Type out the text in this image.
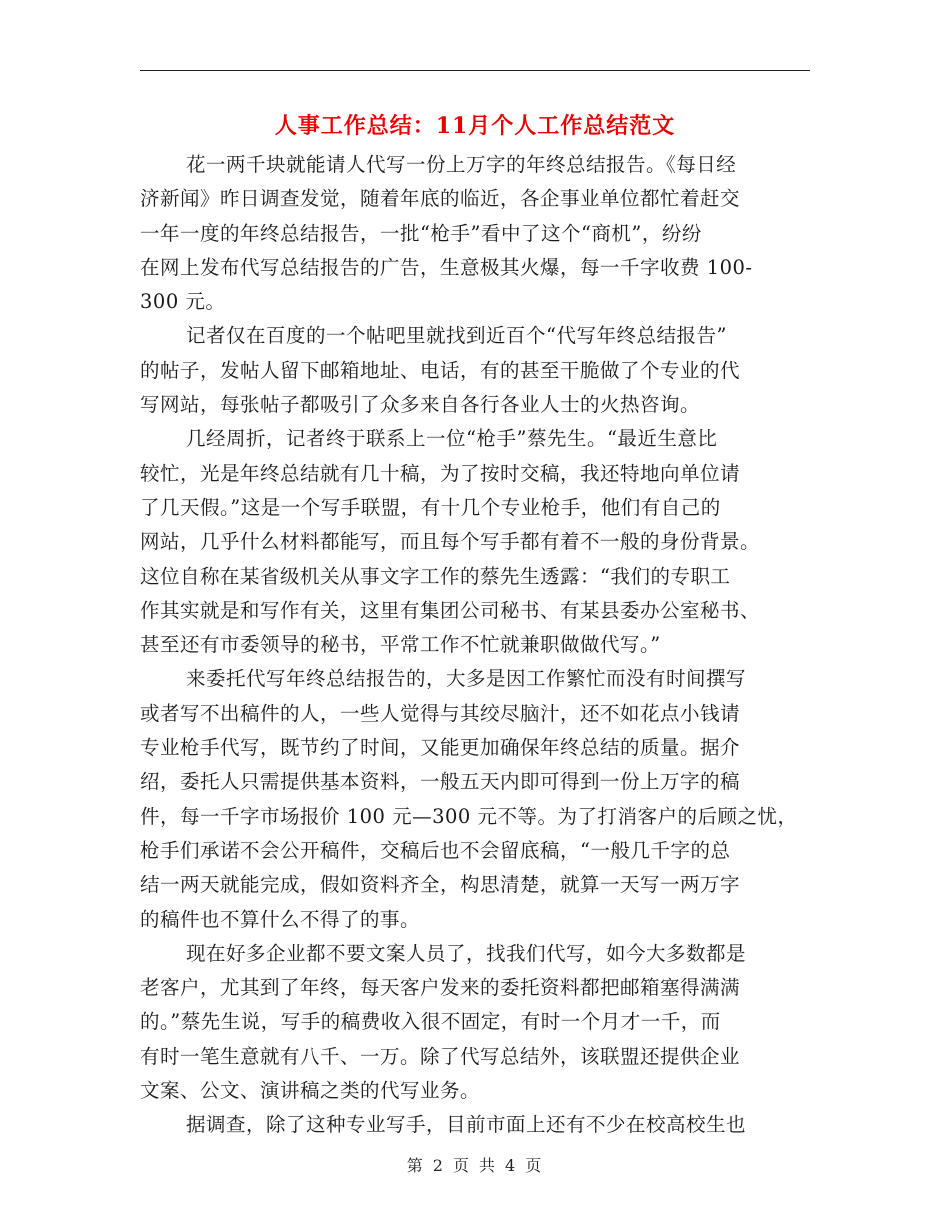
人事工作总结：11月个人工作总结范文
花一两千块就能请人代写一份上万字的年终总结报告。《每日经
济新闻》昨日调查发觉，随着年底的临近，各企事业单位都忙着赶交
一年一度的年终总结报告，一批“枪手”看中了这个“商机”，纷纷
在网上发布代写总结报告的广告，生意极其火爆，每一千字收费 100-
300 元。
记者仅在百度的一个帖吧里就找到近百个“代写年终总结报告”
的帖子，发帖人留下邮箱地址、电话，有的甚至干脆做了个专业的代
写网站，每张帖子都吸引了众多来自各行各业人士的火热咨询。
几经周折，记者终于联系上一位“枪手”蔡先生。“最近生意比
较忙，光是年终总结就有几十稿，为了按时交稿，我还特地向单位请
了几天假。”这是一个写手联盟，有十几个专业枪手，他们有自己的
网站，几乎什么材料都能写，而且每个写手都有着不一般的身份背景。
这位自称在某省级机关从事文字工作的蔡先生透露：“我们的专职工
作其实就是和写作有关，这里有集团公司秘书、有某县委办公室秘书、
甚至还有市委领导的秘书，平常工作不忙就兼职做做代写。”
来委托代写年终总结报告的，大多是因工作繁忙而没有时间撰写
或者写不出稿件的人，一些人觉得与其绞尽脑汁，还不如花点小钱请
专业枪手代写，既节约了时间，又能更加确保年终总结的质量。据介
绍，委托人只需提供基本资料，一般五天内即可得到一份上万字的稿
件，每一千字市场报价 100 元—300 元不等。为了打消客户的后顾之忧，
枪手们承诺不会公开稿件，交稿后也不会留底稿，“一般几千字的总
结一两天就能完成，假如资料齐全，构思清楚，就算一天写一两万字
的稿件也不算什么不得了的事。
现在好多企业都不要文案人员了，找我们代写，如今大多数都是
老客户，尤其到了年终，每天客户发来的委托资料都把邮箱塞得满满
的。”蔡先生说，写手的稿费收入很不固定，有时一个月才一千，而
有时一笔生意就有八千、一万。除了代写总结外，该联盟还提供企业
文案、公文、演讲稿之类的代写业务。
据调查，除了这种专业写手，目前市面上还有不少在校高校生也
第 2 页 共 4 页
